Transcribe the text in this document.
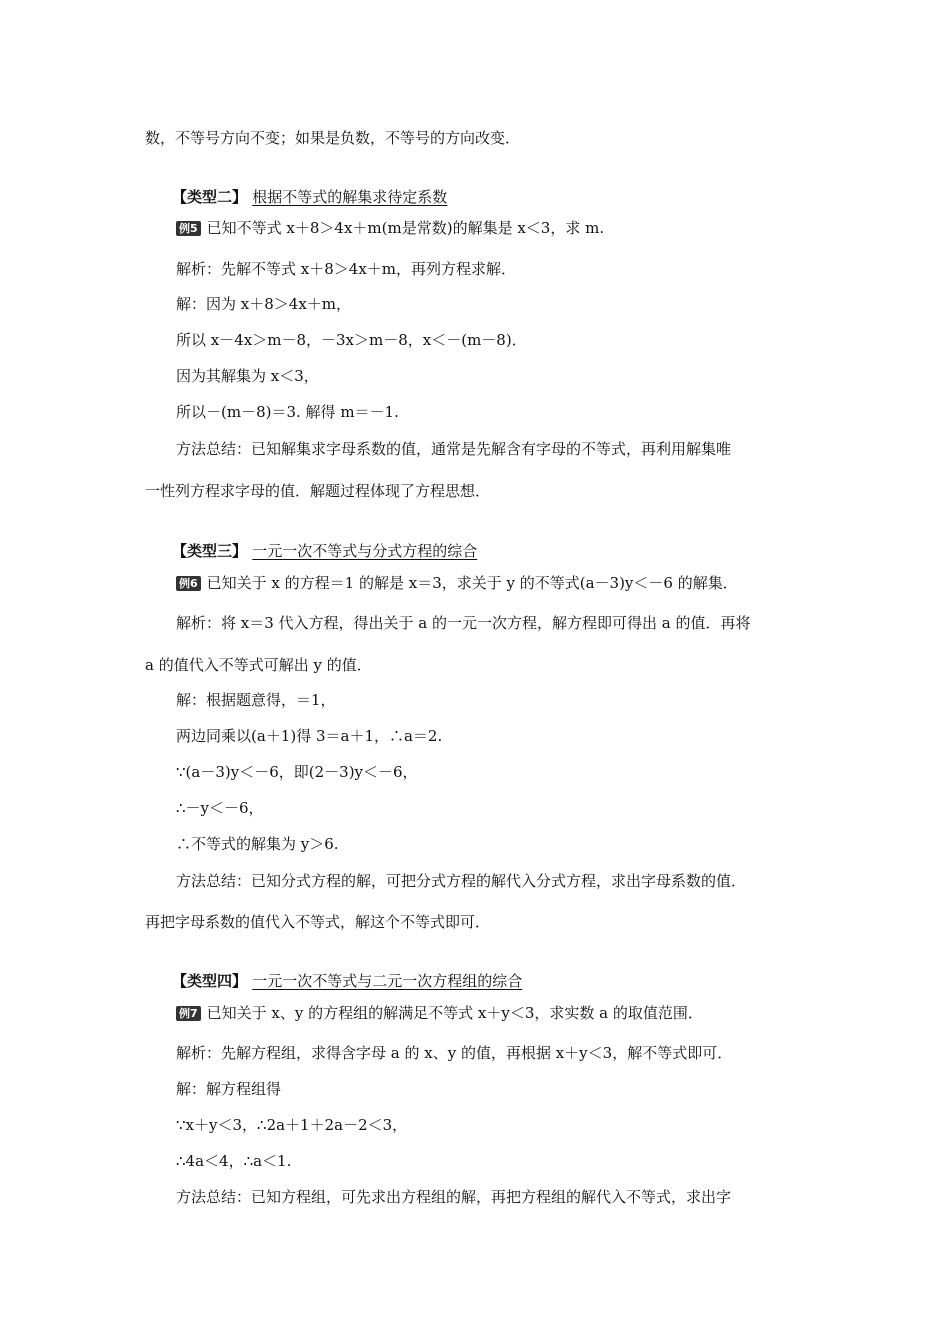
数，不等号方向不变；如果是负数，不等号的方向改变．
【类型二】 根据不等式的解集求待定系数
例5 已知不等式 x＋8＞4x＋m(m是常数)的解集是 x＜3，求 m.
解析：先解不等式 x＋8＞4x＋m，再列方程求解．
解：因为 x＋8＞4x＋m，
所以 x－4x＞m－8，－3x＞m－8，x＜－(m－8)．
因为其解集为 x＜3，
所以－(m－8)＝3. 解得 m＝－1.
方法总结：已知解集求字母系数的值，通常是先解含有字母的不等式，再利用解集唯
一性列方程求字母的值．解题过程体现了方程思想．
【类型三】 一元一次不等式与分式方程的综合
例6 已知关于 x 的方程＝1 的解是 x＝3，求关于 y 的不等式(a－3)y＜－6 的解集．
解析：将 x＝3 代入方程，得出关于 a 的一元一次方程，解方程即可得出 a 的值．再将
a 的值代入不等式可解出 y 的值．
解：根据题意得，＝1，
两边同乘以(a＋1)得 3＝a＋1，∴a＝2.
∵(a－3)y＜－6，即(2－3)y＜－6，
∴－y＜－6，
∴不等式的解集为 y＞6.
方法总结：已知分式方程的解，可把分式方程的解代入分式方程，求出字母系数的值．
再把字母系数的值代入不等式，解这个不等式即可．
【类型四】 一元一次不等式与二元一次方程组的综合
例7 已知关于 x、y 的方程组的解满足不等式 x＋y＜3，求实数 a 的取值范围．
解析：先解方程组，求得含字母 a 的 x、y 的值，再根据 x＋y＜3，解不等式即可．
解：解方程组得
∵x＋y＜3，∴2a＋1＋2a－2＜3，
∴4a＜4，∴a＜1.
方法总结：已知方程组，可先求出方程组的解，再把方程组的解代入不等式，求出字
